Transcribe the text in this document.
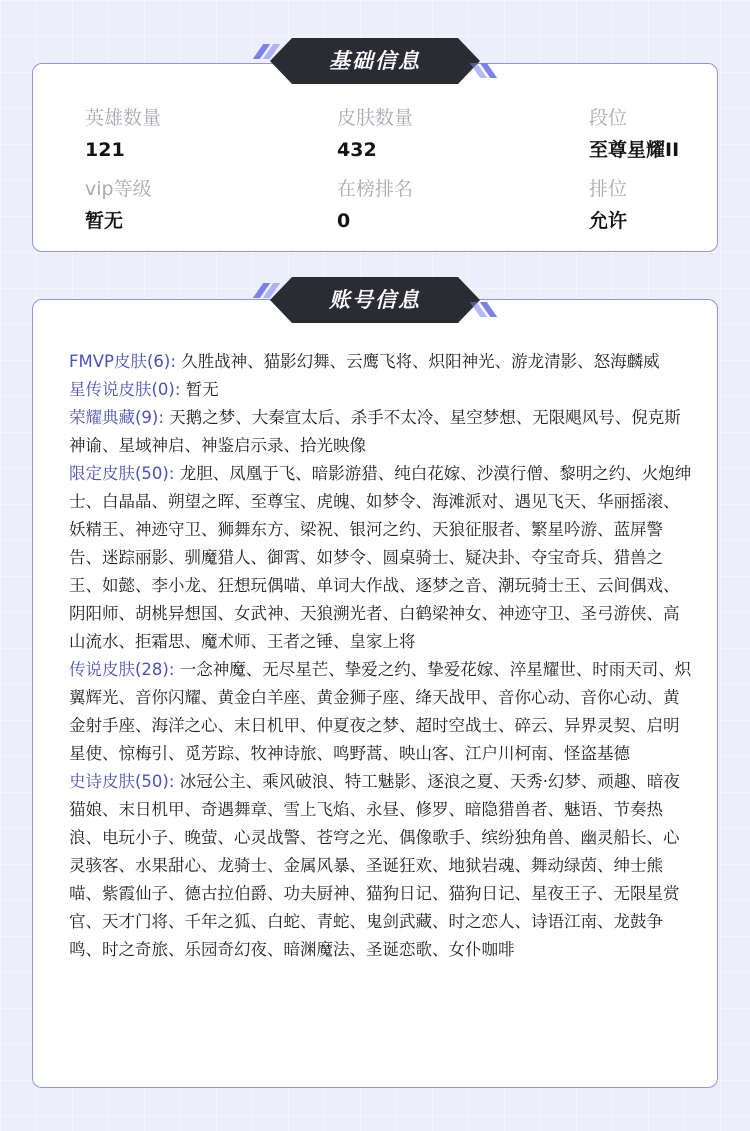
英雄数量
121
皮肤数量
432
段位
至尊星耀II
vip等级
暂无
在榜排名
0
排位
允许
基础信息
FMVP皮肤(6): 久胜战神、猫影幻舞、云鹰飞将、炽阳神光、游龙清影、怒海麟威
星传说皮肤(0): 暂无
荣耀典藏(9): 天鹅之梦、大秦宣太后、杀手不太冷、星空梦想、无限飓风号、倪克斯神谕、星域神启、神鉴启示录、拾光映像
限定皮肤(50): 龙胆、凤凰于飞、暗影游猎、纯白花嫁、沙漠行僧、黎明之约、火炮绅士、白晶晶、朔望之晖、至尊宝、虎魄、如梦令、海滩派对、遇见飞天、华丽摇滚、妖精王、神迹守卫、狮舞东方、梁祝、银河之约、天狼征服者、繁星吟游、蓝屏警告、迷踪丽影、驯魔猎人、御霄、如梦令、圆桌骑士、疑决卦、夺宝奇兵、猎兽之王、如懿、李小龙、狂想玩偶喵、单词大作战、逐梦之音、潮玩骑士王、云间偶戏、阴阳师、胡桃异想国、女武神、天狼溯光者、白鹤梁神女、神迹守卫、圣弓游侠、高山流水、拒霜思、魔术师、王者之锤、皇家上将
传说皮肤(28): 一念神魔、无尽星芒、挚爱之约、挚爱花嫁、淬星耀世、时雨天司、炽翼辉光、音你闪耀、黄金白羊座、黄金狮子座、绛天战甲、音你心动、音你心动、黄金射手座、海洋之心、末日机甲、仲夏夜之梦、超时空战士、碎云、异界灵契、启明星使、惊梅引、觅芳踪、牧神诗旅、鸣野蒿、映山客、江户川柯南、怪盗基德
史诗皮肤(50): 冰冠公主、乘风破浪、特工魅影、逐浪之夏、天秀·幻梦、顽趣、暗夜猫娘、末日机甲、奇遇舞章、雪上飞焰、永昼、修罗、暗隐猎兽者、魅语、节奏热浪、电玩小子、晚萤、心灵战警、苍穹之光、偶像歌手、缤纷独角兽、幽灵船长、心灵骇客、水果甜心、龙骑士、金属风暴、圣诞狂欢、地狱岩魂、舞动绿茵、绅士熊喵、紫霞仙子、德古拉伯爵、功夫厨神、猫狗日记、猫狗日记、星夜王子、无限星赏官、天才门将、千年之狐、白蛇、青蛇、鬼剑武藏、时之恋人、诗语江南、龙鼓争鸣、时之奇旅、乐园奇幻夜、暗渊魔法、圣诞恋歌、女仆咖啡
账号信息
